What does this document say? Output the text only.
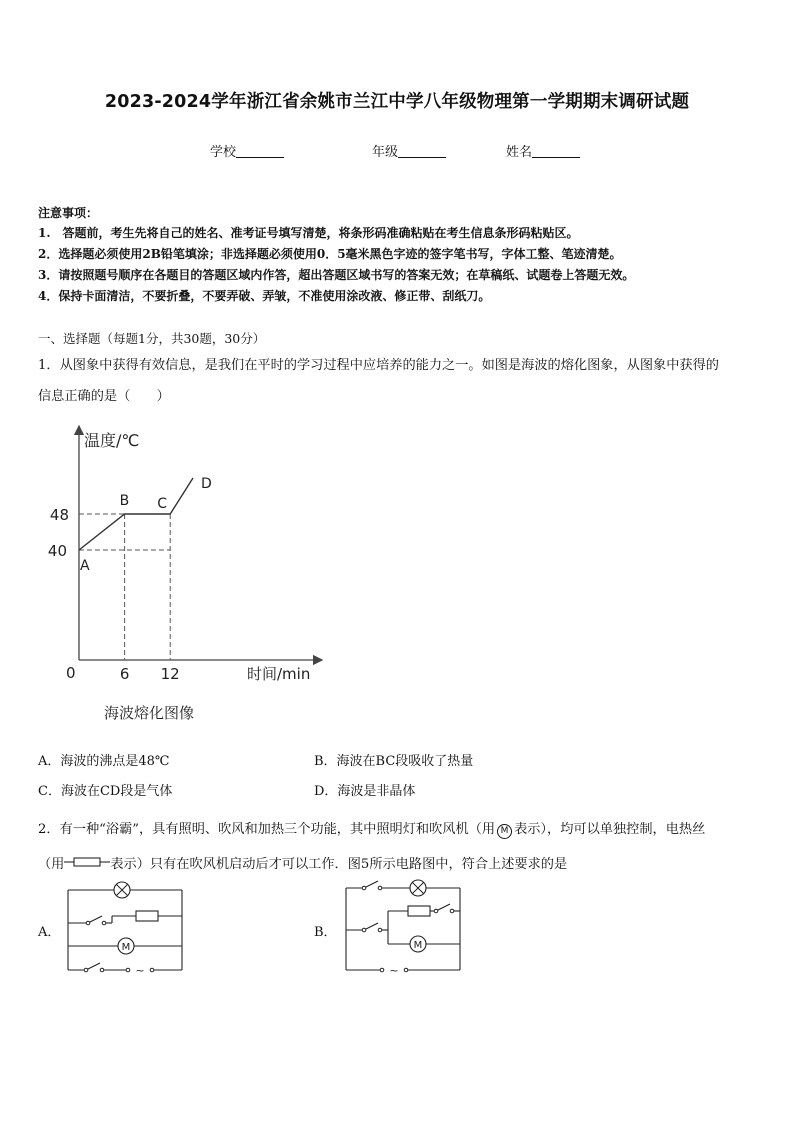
2023-2024学年浙江省余姚市兰江中学八年级物理第一学期期末调研试题
学校	年级	姓名
注意事项：
1.　答题前，考生先将自己的姓名、准考证号填写清楚，将条形码准确粘贴在考生信息条形码粘贴区。
2．选择题必须使用2B铅笔填涂；非选择题必须使用0．5毫米黑色字迹的签字笔书写，字体工整、笔迹清楚。
3．请按照题号顺序在各题目的答题区域内作答，超出答题区域书写的答案无效；在草稿纸、试题卷上答题无效。
4．保持卡面清洁，不要折叠，不要弄破、弄皱，不准使用涂改液、修正带、刮纸刀。
一、选择题（每题1分，共30题，30分）
1．从图象中获得有效信息，是我们在平时的学习过程中应培养的能力之一。如图是海波的熔化图象，从图象中获得的
信息正确的是（　　）
温度/℃
时间/min
0	6 12
40
48
A
B C
D
海波熔化图像
A．海波的沸点是48℃	B．海波在BC段吸收了热量
C．海波在CD段是气体	D．海波是非晶体
2．有一种“浴霸”，具有照明、吹风和加热三个功能，其中照明灯和吹风机（用 M 表示），均可以单独控制，电热丝
（用	表示）只有在吹风机启动后才可以工作．图5所示电路图中，符合上述要求的是
A．
M
~
B．
M
~
